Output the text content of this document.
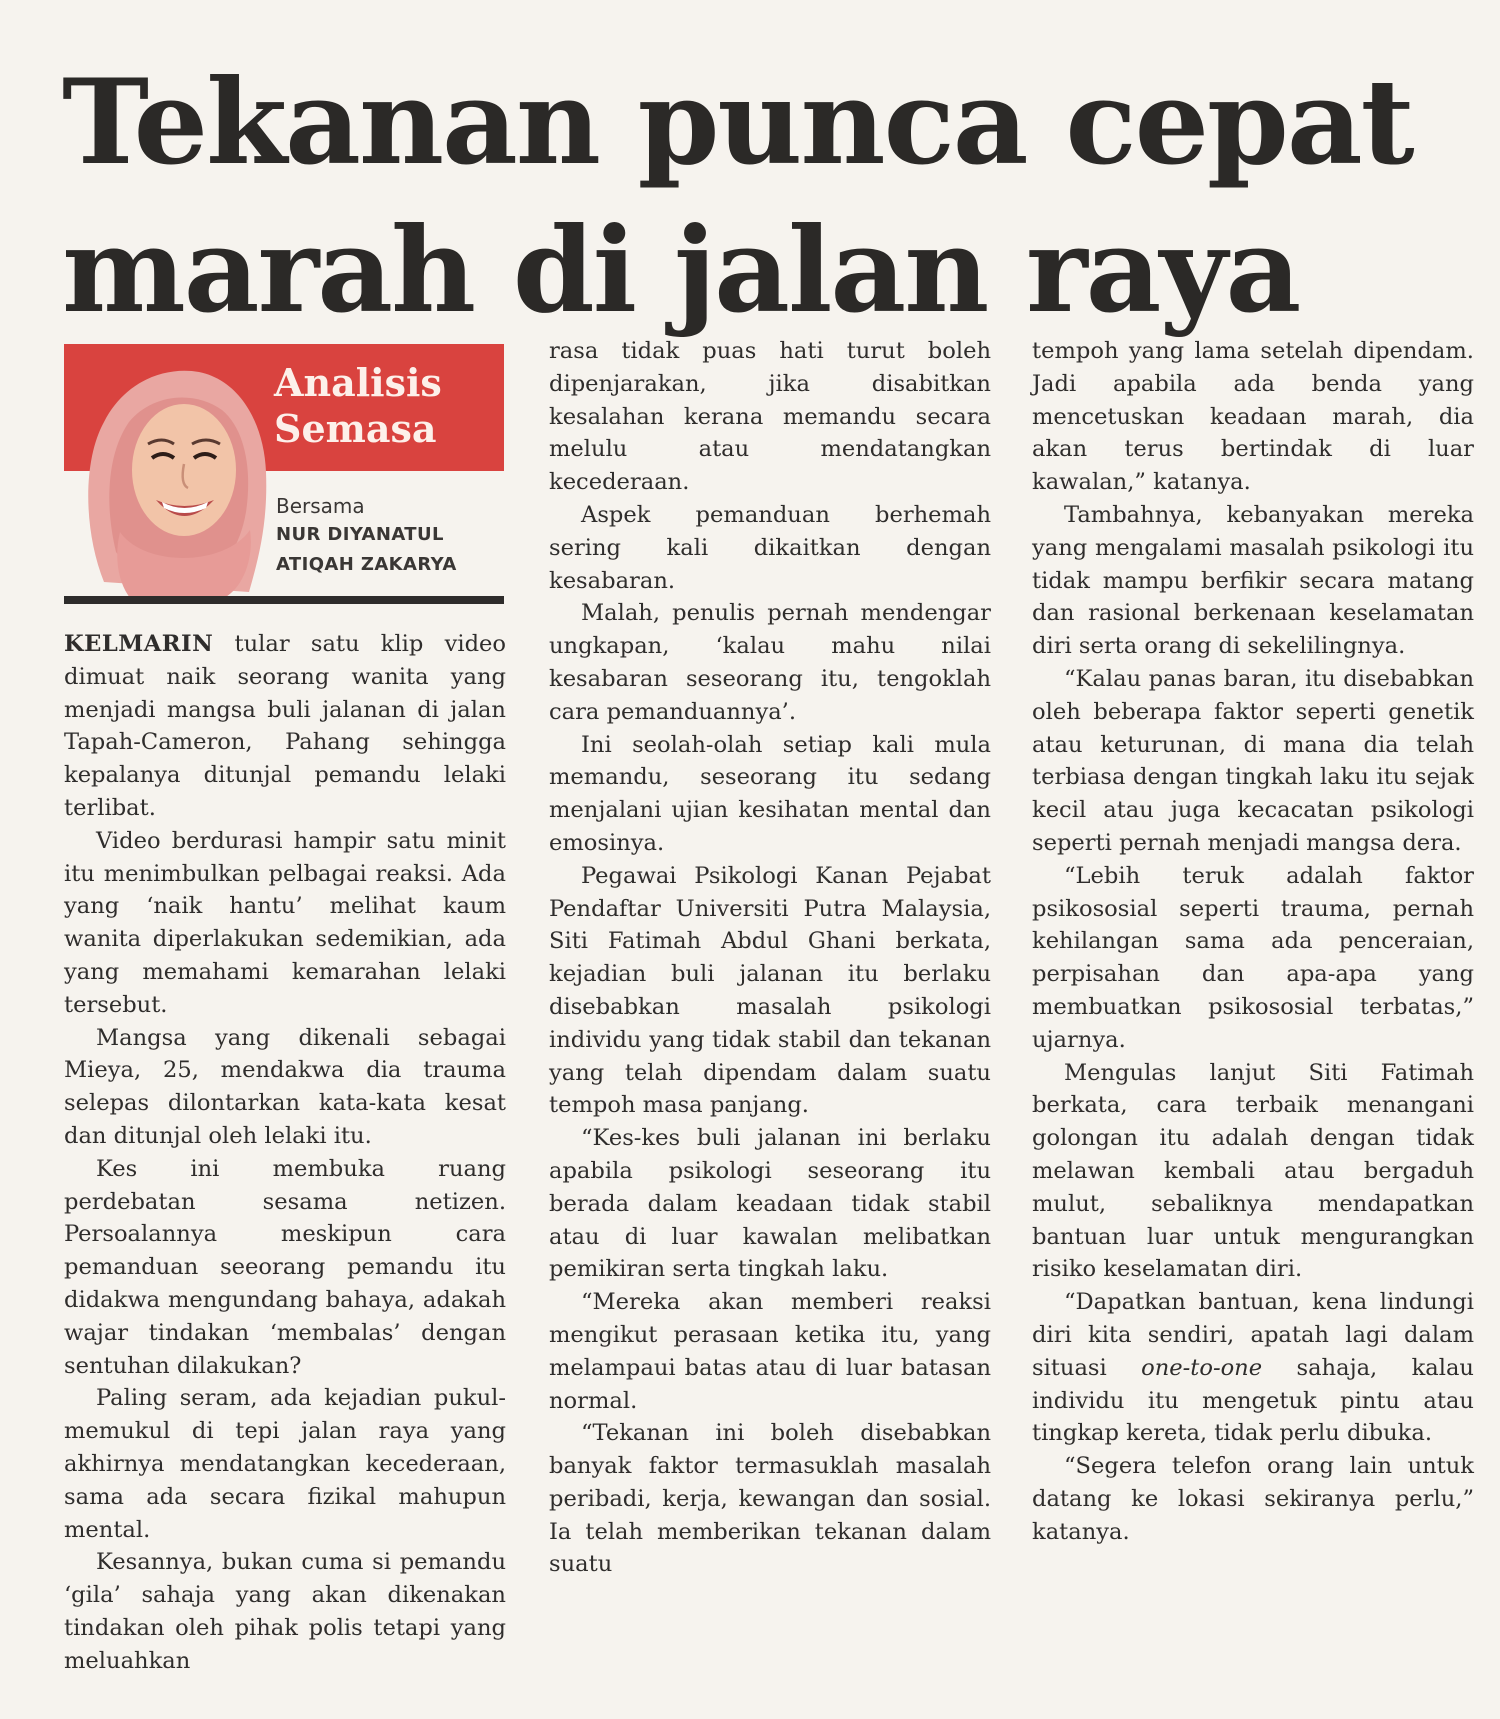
Tekanan punca cepat
marah di jalan raya
Analisis
Semasa
Bersama
NUR DIYANATUL
ATIQAH ZAKARYA

KELMARIN tular satu klip video dimuat naik seorang wanita yang menjadi mangsa buli jalanan di jalan Tapah-Cameron, Pahang sehingga kepalanya ditunjal pemandu lelaki terlibat.

Video berdurasi hampir satu minit itu menimbulkan pelbagai reaksi. Ada yang ‘naik hantu’ melihat kaum wanita diperlakukan sedemikian, ada yang memahami kemarahan lelaki tersebut.

Mangsa yang dikenali sebagai Mieya, 25, mendakwa dia trauma selepas dilontarkan kata-kata kesat dan ditunjal oleh lelaki itu.

Kes ini membuka ruang perdebatan sesama netizen. Persoalannya meskipun cara pemanduan seeorang pemandu itu didakwa mengundang bahaya, adakah wajar tindakan ‘membalas’ dengan sentuhan dilakukan?

Paling seram, ada kejadian pukul-memukul di tepi jalan raya yang akhirnya mendatangkan kecederaan, sama ada secara fizikal mahupun mental.

Kesannya, bukan cuma si pemandu ‘gila’ sahaja yang akan dikenakan tindakan oleh pihak polis tetapi yang meluahkan

rasa tidak puas hati turut boleh dipenjarakan, jika disabitkan kesalahan kerana memandu secara melulu atau mendatangkan kecederaan.

Aspek pemanduan berhemah sering kali dikaitkan dengan kesabaran.

Malah, penulis pernah mendengar ungkapan, ‘kalau mahu nilai kesabaran seseorang itu, tengoklah cara pemanduannya’.

Ini seolah-olah setiap kali mula memandu, seseorang itu sedang menjalani ujian kesihatan mental dan emosinya.

Pegawai Psikologi Kanan Pejabat Pendaftar Universiti Putra Malaysia, Siti Fatimah Abdul Ghani berkata, kejadian buli jalanan itu berlaku disebabkan masalah psikologi individu yang tidak stabil dan tekanan yang telah dipendam dalam suatu tempoh masa panjang.

“Kes-kes buli jalanan ini berlaku apabila psikologi seseorang itu berada dalam keadaan tidak stabil atau di luar kawalan melibatkan pemikiran serta tingkah laku.

“Mereka akan memberi reaksi mengikut perasaan ketika itu, yang melampaui batas atau di luar batasan normal.

“Tekanan ini boleh disebabkan banyak faktor termasuklah masalah peribadi, kerja, kewangan dan sosial. Ia telah memberikan tekanan dalam suatu

tempoh yang lama setelah dipendam. Jadi apabila ada benda yang mencetuskan keadaan marah, dia akan terus bertindak di luar kawalan,” katanya.

Tambahnya, kebanyakan mereka yang mengalami masalah psikologi itu tidak mampu berfikir secara matang dan rasional berkenaan keselamatan diri serta orang di sekelilingnya.

“Kalau panas baran, itu disebabkan oleh beberapa faktor seperti genetik atau keturunan, di mana dia telah terbiasa dengan tingkah laku itu sejak kecil atau juga kecacatan psikologi seperti pernah menjadi mangsa dera.

“Lebih teruk adalah faktor psikososial seperti trauma, pernah kehilangan sama ada penceraian, perpisahan dan apa-apa yang membuatkan psikososial terbatas,” ujarnya.

Mengulas lanjut Siti Fatimah berkata, cara terbaik menangani golongan itu adalah dengan tidak melawan kembali atau bergaduh mulut, sebaliknya mendapatkan bantuan luar untuk mengurangkan risiko keselamatan diri.

“Dapatkan bantuan, kena lindungi diri kita sendiri, apatah lagi dalam situasi one-to-one sahaja, kalau individu itu mengetuk pintu atau tingkap kereta, tidak perlu dibuka.

“Segera telefon orang lain untuk datang ke lokasi sekiranya perlu,” katanya.
